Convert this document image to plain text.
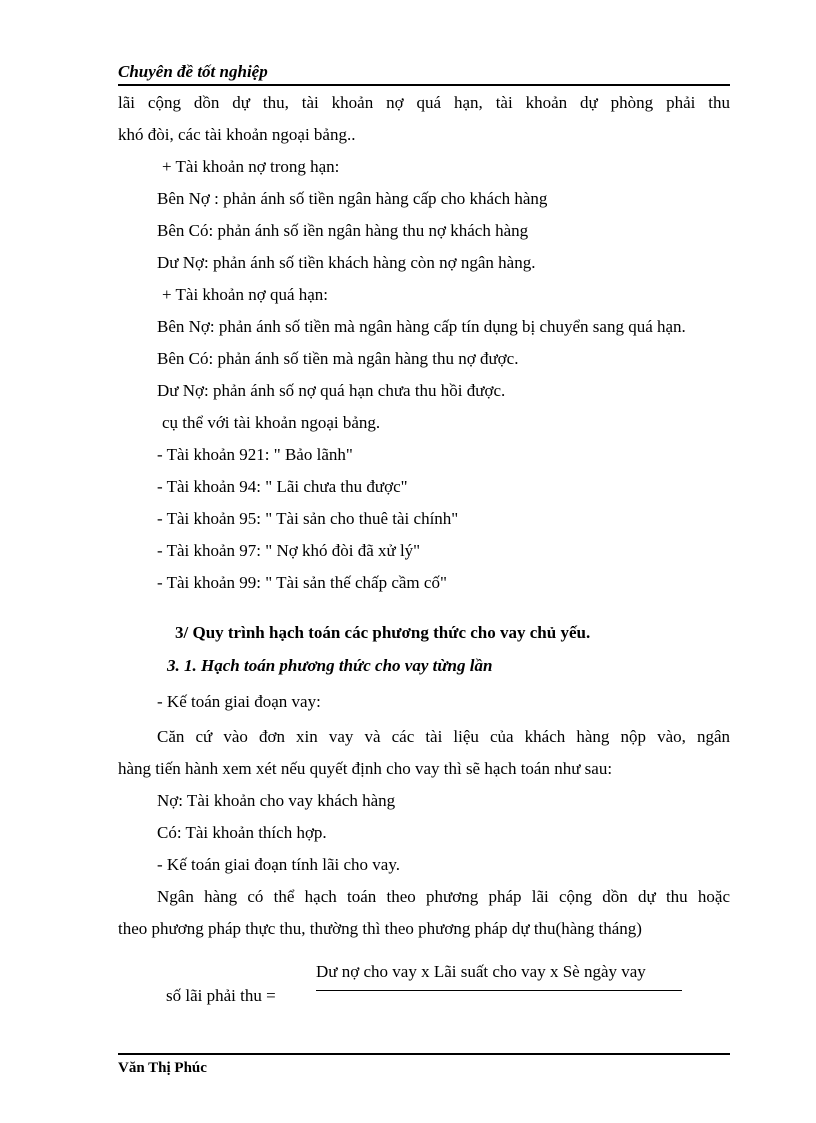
Chuyên đề tốt nghiệp
lãi cộng dồn dự thu, tài khoản nợ quá hạn, tài khoản dự phòng phải thu
khó đòi, các tài khoản ngoại bảng..
+ Tài khoản nợ trong hạn:
Bên Nợ : phản ánh số tiền ngân hàng cấp cho khách hàng
Bên Có: phản ánh số iền ngân hàng thu nợ khách hàng
Dư Nợ: phản ánh số tiền khách hàng còn nợ ngân hàng.
+ Tài khoản nợ quá hạn:
Bên Nợ: phản ánh số tiền mà ngân hàng cấp tín dụng bị chuyển sang quá hạn.
Bên Có: phản ánh số tiền mà ngân hàng thu nợ được.
Dư Nợ: phản ánh số nợ quá hạn chưa thu hồi được.
cụ thể với tài khoản ngoại bảng.
- Tài khoản 921: " Bảo lãnh"
- Tài khoản 94: " Lãi chưa thu được"
- Tài khoản 95: " Tài sản cho thuê tài chính"
- Tài khoản 97: " Nợ khó đòi đã xử lý"
- Tài khoản 99: " Tài sản thế chấp cầm cố"
3/ Quy trình hạch toán các phương thức cho vay chủ yếu.
3. 1. Hạch toán phương thức cho vay từng lần
- Kế toán giai đoạn vay:
Căn cứ vào đơn xin vay và các tài liệu của khách hàng nộp vào, ngân
hàng tiến hành xem xét nếu quyết định cho vay thì sẽ hạch toán như sau:
Nợ: Tài khoản cho vay khách hàng
Có: Tài khoản thích hợp.
- Kế toán giai đoạn tính lãi cho vay.
Ngân hàng có thể hạch toán theo phương pháp lãi cộng dồn dự thu hoặc
theo phương pháp thực thu, thường thì theo phương pháp dự thu(hàng tháng)
Dư nợ cho vay x Lãi suất cho vay x Sè ngày vay
số lãi phải thu =
Văn Thị Phúc
